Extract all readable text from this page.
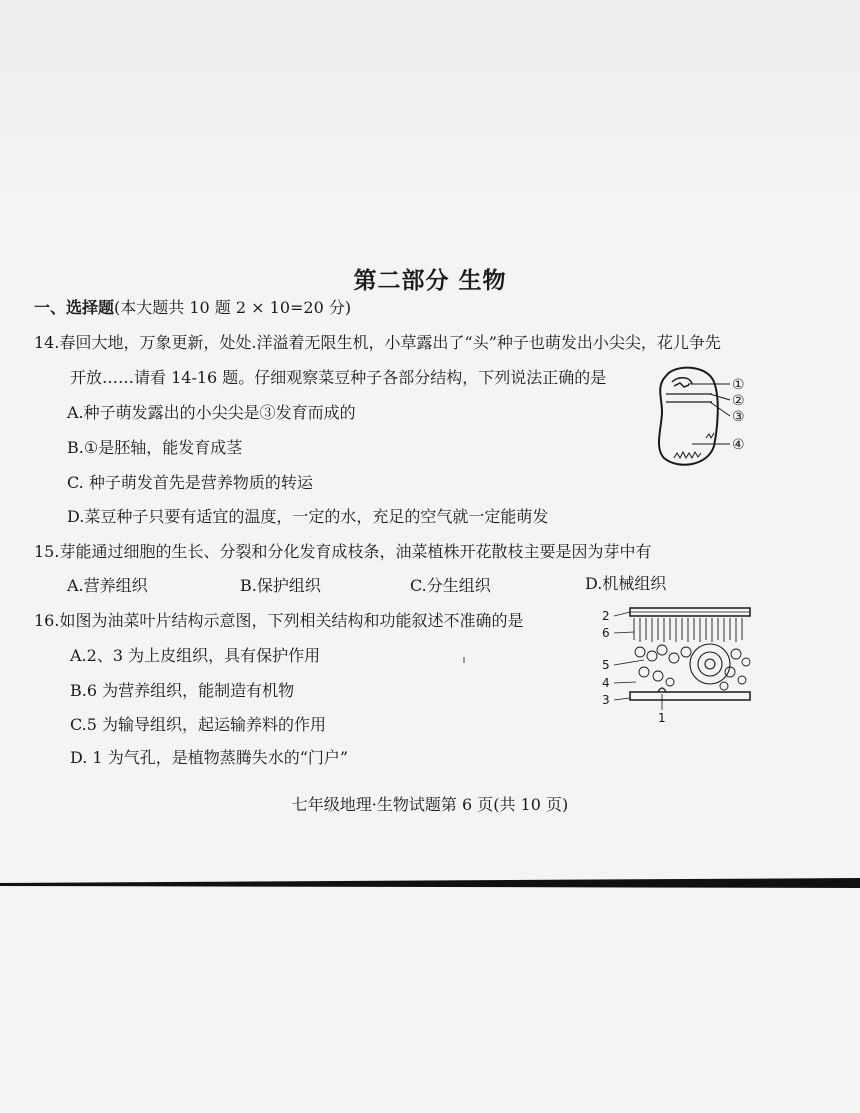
第二部分 生物
一、选择题(本大题共 10 题 2 × 10=20 分)
14.春回大地，万象更新，处处.洋溢着无限生机，小草露出了“头”种子也萌发出小尖尖，花儿争先
开放……请看 14-16 题。仔细观察菜豆种子各部分结构，下列说法正确的是
A.种子萌发露出的小尖尖是③发育而成的
B.①是胚轴，能发育成茎
C. 种子萌发首先是营养物质的转运
D.菜豆种子只要有适宜的温度，一定的水，充足的空气就一定能萌发
①
②
③
④
15.芽能通过细胞的生长、分裂和分化发育成枝条，油菜植株开花散枝主要是因为芽中有
A.营养组织	B.保护组织	C.分生组织	D.机械组织
16.如图为油菜叶片结构示意图，下列相关结构和功能叙述不准确的是
A.2、3 为上皮组织，具有保护作用
B.6 为营养组织，能制造有机物
C.5 为输导组织，起运输养料的作用
D. 1 为气孔，是植物蒸腾失水的“门户”
2
6
5
4
3
1
七年级地理·生物试题第 6 页(共 10 页)
